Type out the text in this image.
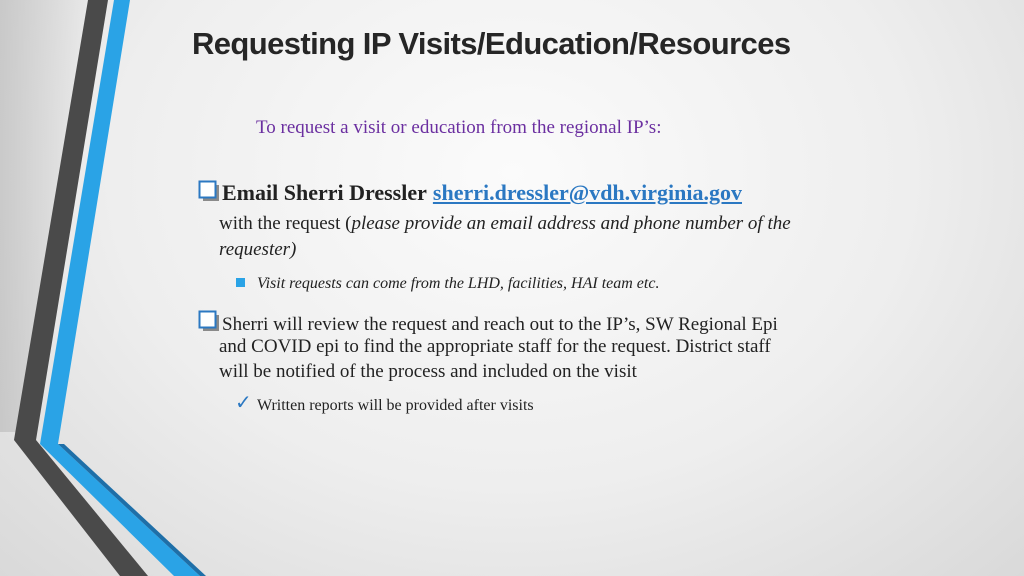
Requesting IP Visits/Education/Resources
To request a visit or education from the regional IP’s:
Email Sherri Dressler sherri.dressler@vdh.virginia.gov
with the request (please provide an email address and phone number of the
requester)
Visit requests can come from the LHD, facilities, HAI team etc.
Sherri will review the request and reach out to the IP’s, SW Regional Epi
and COVID epi to find the appropriate staff for the request. District staff
will be notified of the process and included on the visit
✓ Written reports will be provided after visits
